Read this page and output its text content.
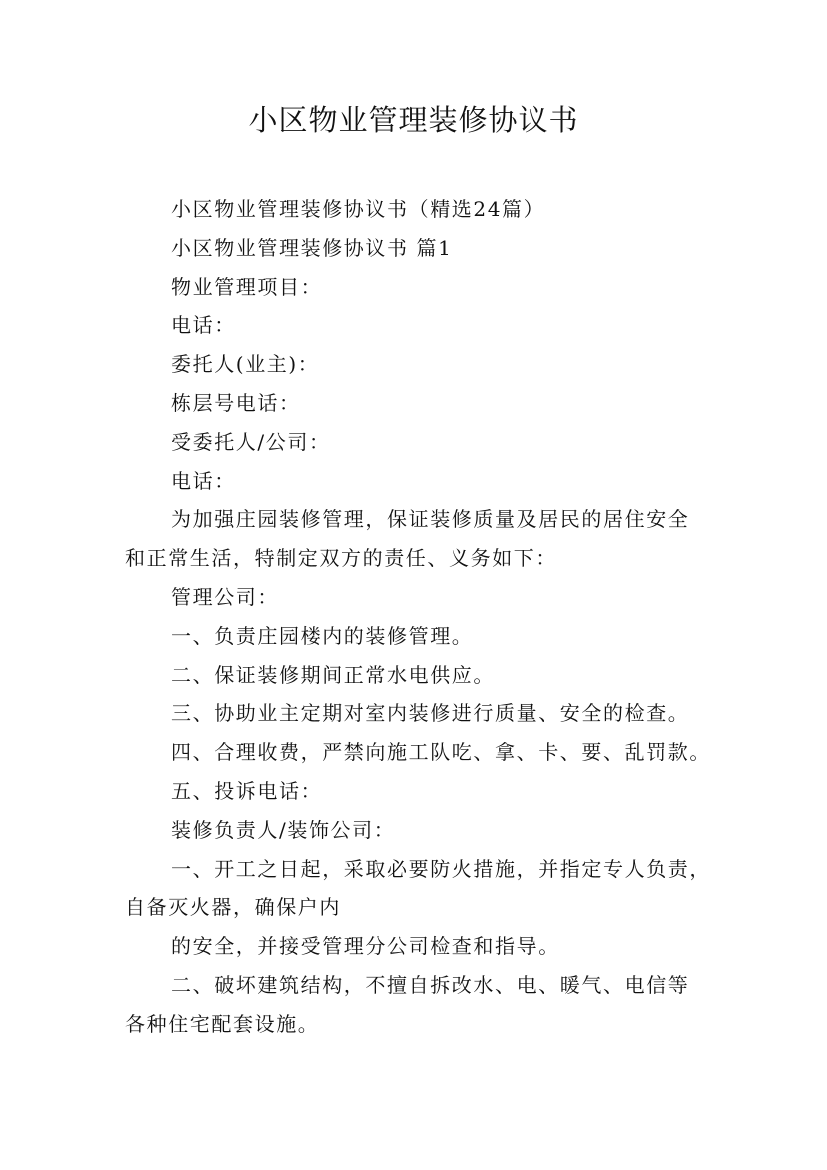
小区物业管理装修协议书

小区物业管理装修协议书（精选24篇）

小区物业管理装修协议书 篇1

物业管理项目：

电话：

委托人(业主)：

栋层号电话：

受委托人/公司：

电话：

为加强庄园装修管理，保证装修质量及居民的居住安全

和正常生活，特制定双方的责任、义务如下：

管理公司：

一、负责庄园楼内的装修管理。

二、保证装修期间正常水电供应。

三、协助业主定期对室内装修进行质量、安全的检查。

四、合理收费，严禁向施工队吃、拿、卡、要、乱罚款。

五、投诉电话：

装修负责人/装饰公司：

一、开工之日起，采取必要防火措施，并指定专人负责，

自备灭火器，确保户内

的安全，并接受管理分公司检查和指导。

二、破坏建筑结构，不擅自拆改水、电、暖气、电信等

各种住宅配套设施。
